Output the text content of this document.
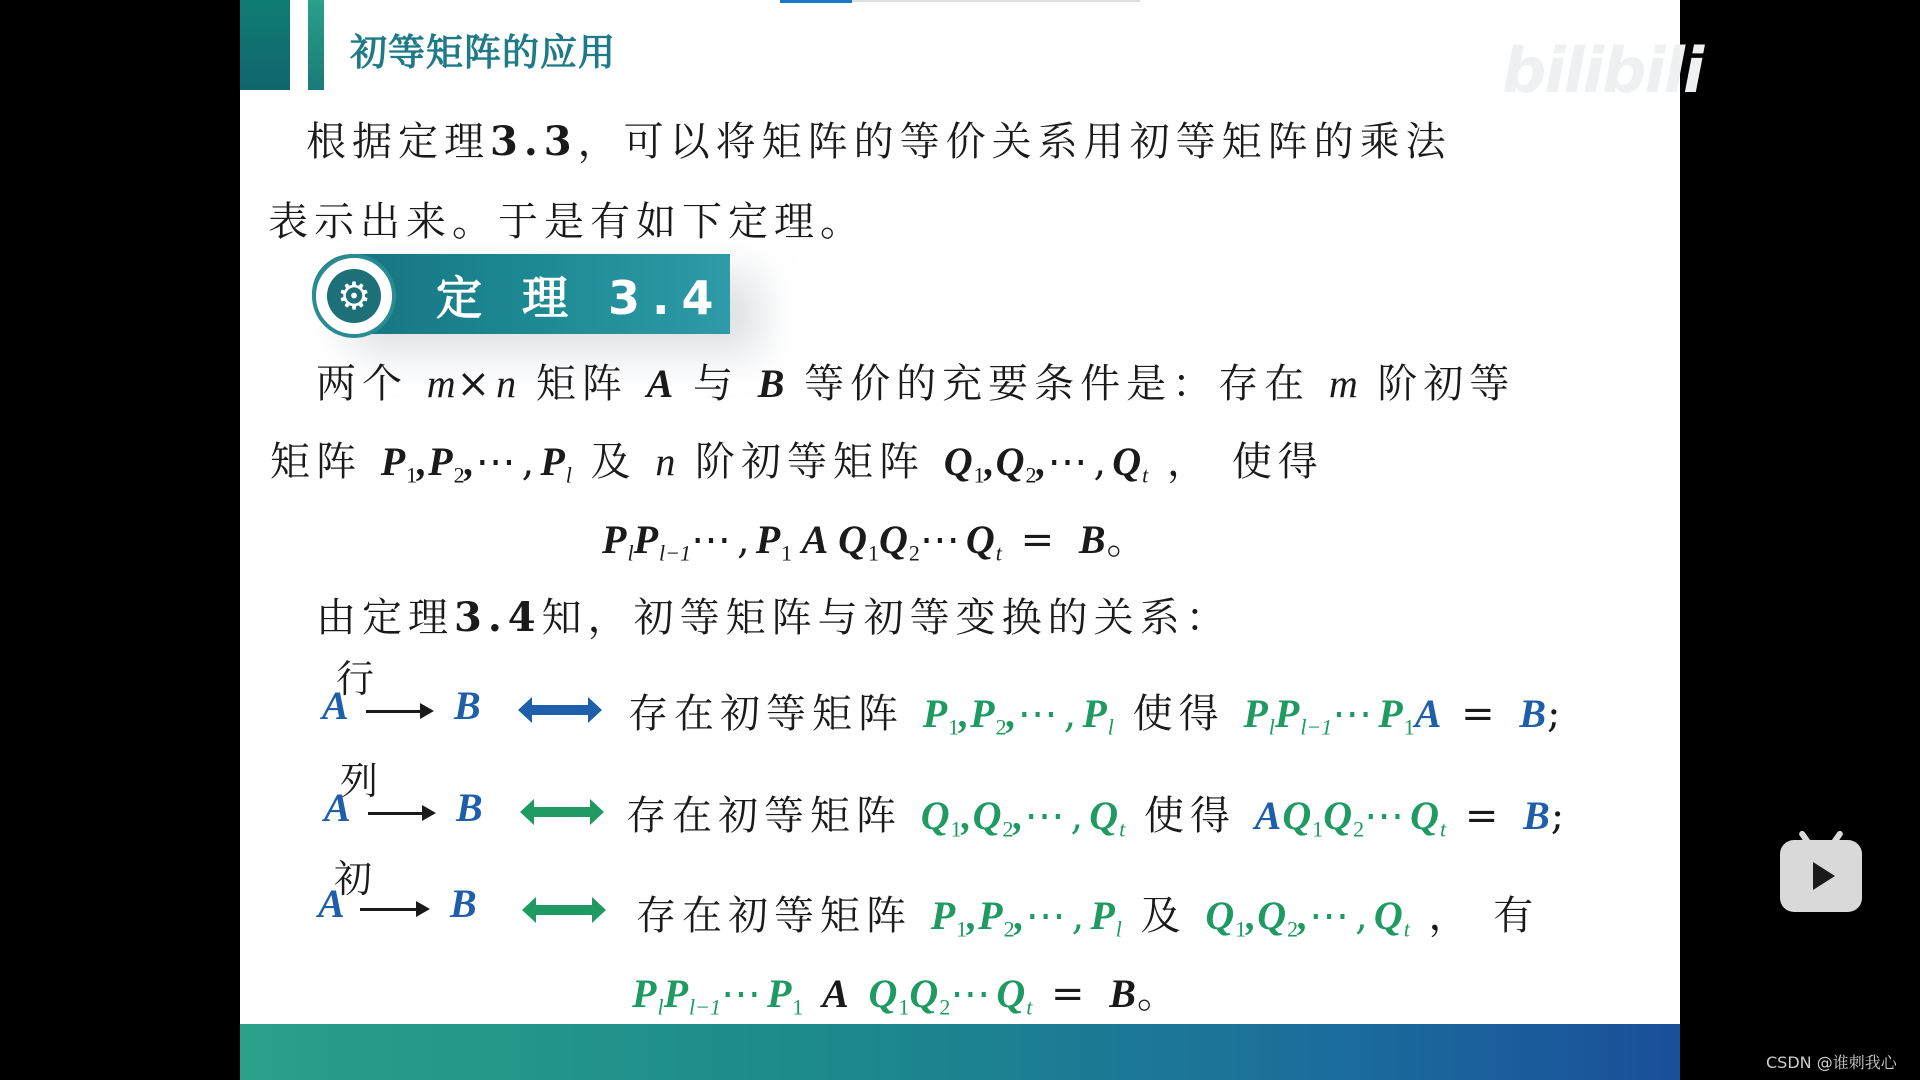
初等矩阵的应用	bilibili
根据定理3.3，可以将矩阵的等价关系用初等矩阵的乘法
表示出来。于是有如下定理。
⚙ 定 理 3.4
两个 m×n 矩阵 A 与 B 等价的充要条件是：存在 m 阶初等
矩阵 $P_1,P_2,\cdots,P_l$ 及 n 阶初等矩阵 $Q_1,Q_2,\cdots,Q_t$ ， 使得
$P_lP_{l-1}\cdots,P_1$ A $Q_1Q_2\cdots Q_t = B$。
由定理3.4知，初等矩阵与初等变换的关系：
行
A	B	存在初等矩阵 $P_1,P_2,\cdots,P_l$ 使得 $P_lP_{l-1}\cdots P_1A = B$;
列
A	B	存在初等矩阵 $Q_1,Q_2,\cdots,Q_t$ 使得 $AQ_1Q_2\cdots Q_t = B$;
初
A	B	存在初等矩阵 $P_1,P_2,\cdots,P_l$ 及 $Q_1,Q_2,\cdots,Q_t$ ， 有
$P_lP_{l-1}\cdots P_1$ A $Q_1Q_2\cdots Q_t = B$。
CSDN @谁刺我心
